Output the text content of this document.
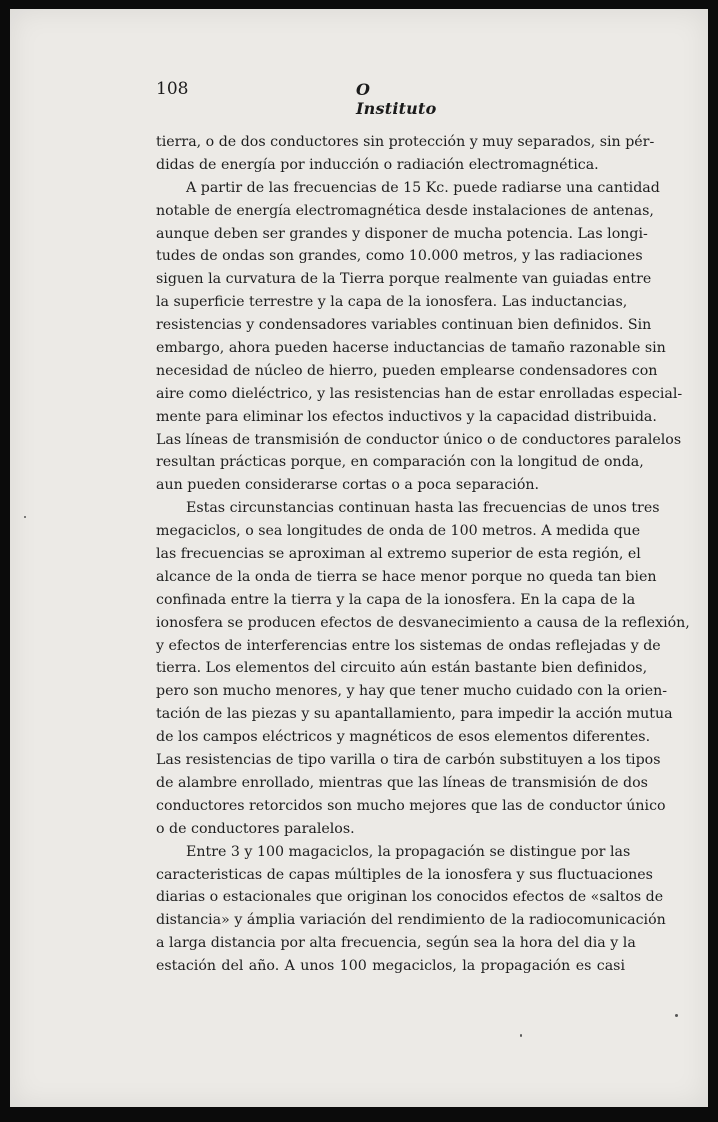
108	O Instituto
tierra, o de dos conductores sin protección y muy separados, sin pér-
didas de energía por inducción o radiación electromagnética.
A partir de las frecuencias de 15 Kc. puede radiarse una cantidad
notable de energía electromagnética desde instalaciones de antenas,
aunque deben ser grandes y disponer de mucha potencia. Las longi-
tudes de ondas son grandes, como 10.000 metros, y las radiaciones
siguen la curvatura de la Tierra porque realmente van guiadas entre
la superficie terrestre y la capa de la ionosfera. Las inductancias,
resistencias y condensadores variables continuan bien definidos. Sin
embargo, ahora pueden hacerse inductancias de tamaño razonable sin
necesidad de núcleo de hierro, pueden emplearse condensadores con
aire como dieléctrico, y las resistencias han de estar enrolladas especial-
mente para eliminar los efectos inductivos y la capacidad distribuida.
Las líneas de transmisión de conductor único o de conductores paralelos
resultan prácticas porque, en comparación con la longitud de onda,
aun pueden considerarse cortas o a poca separación.
Estas circunstancias continuan hasta las frecuencias de unos tres
megaciclos, o sea longitudes de onda de 100 metros. A medida que
las frecuencias se aproximan al extremo superior de esta región, el
alcance de la onda de tierra se hace menor porque no queda tan bien
confinada entre la tierra y la capa de la ionosfera. En la capa de la
ionosfera se producen efectos de desvanecimiento a causa de la reflexión,
y efectos de interferencias entre los sistemas de ondas reflejadas y de
tierra. Los elementos del circuito aún están bastante bien definidos,
pero son mucho menores, y hay que tener mucho cuidado con la orien-
tación de las piezas y su apantallamiento, para impedir la acción mutua
de los campos eléctricos y magnéticos de esos elementos diferentes.
Las resistencias de tipo varilla o tira de carbón substituyen a los tipos
de alambre enrollado, mientras que las líneas de transmisión de dos
conductores retorcidos son mucho mejores que las de conductor único
o de conductores paralelos.
Entre 3 y 100 magaciclos, la propagación se distingue por las
caracteristicas de capas múltiples de la ionosfera y sus fluctuaciones
diarias o estacionales que originan los conocidos efectos de «saltos de
distancia» y ámplia variación del rendimiento de la radiocomunicación
a larga distancia por alta frecuencia, según sea la hora del dia y la
estación del año. A unos 100 megaciclos, la propagación es casi
